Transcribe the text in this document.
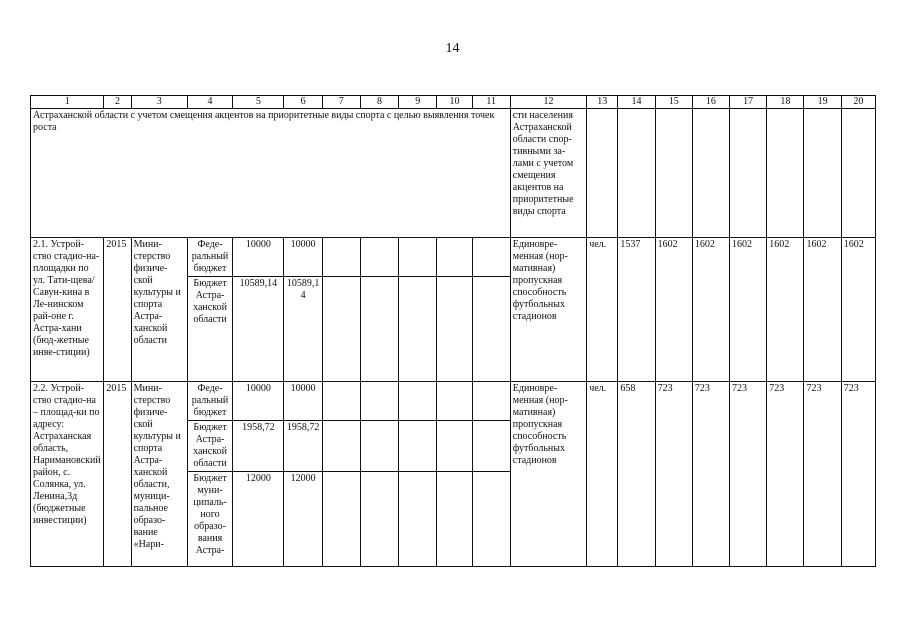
14
1	2	3	4	5	6	7	8	9	10	11	12	13	14	15	16	17	18	19	20
Астраханской области с учетом смещения акцентов на приоритетные виды спорта с целью выявления точек роста											сти населения Астраханской области спор-тивными за-лами с учетом смещения акцентов на приоритетные виды спорта								
2.1. Устрой-ство стадио-на-площадки по ул. Тати-щева/ Савун-кина в Ле-нинском рай-оне г. Астра-хани (бюд-жетные инве-стиции)	2015	Мини-стерство физиче-ской культуры и спорта Астра-ханской области	Феде-ральный бюджет	10000	10000						Единовре-менная (нор-мативная) пропускная способность футбольных стадионов	чел.	1537	1602	1602	1602	1602	1602	1602
			Бюджет Астра-ханской области	10589,14	10589,14														
2.2. Устрой-ство стадио-на – площад-ки по адресу: Астраханская область, Наримановский район, с. Солянка, ул. Ленина,3д (бюджетные инвестиции)	2015	Мини-стерство физиче-ской культуры и спорта Астра-ханской области, муници-пальное образо-вание «Нари-	Феде-ральный бюджет	10000	10000						Единовре-менная (нор-мативная) пропускная способность футбольных стадионов	чел.	658	723	723	723	723	723	723
			Бюджет Астра-ханской области	1958,72	1958,72														
			Бюджет муни-ципаль-ного образо-вания Астра-	12000	12000														
